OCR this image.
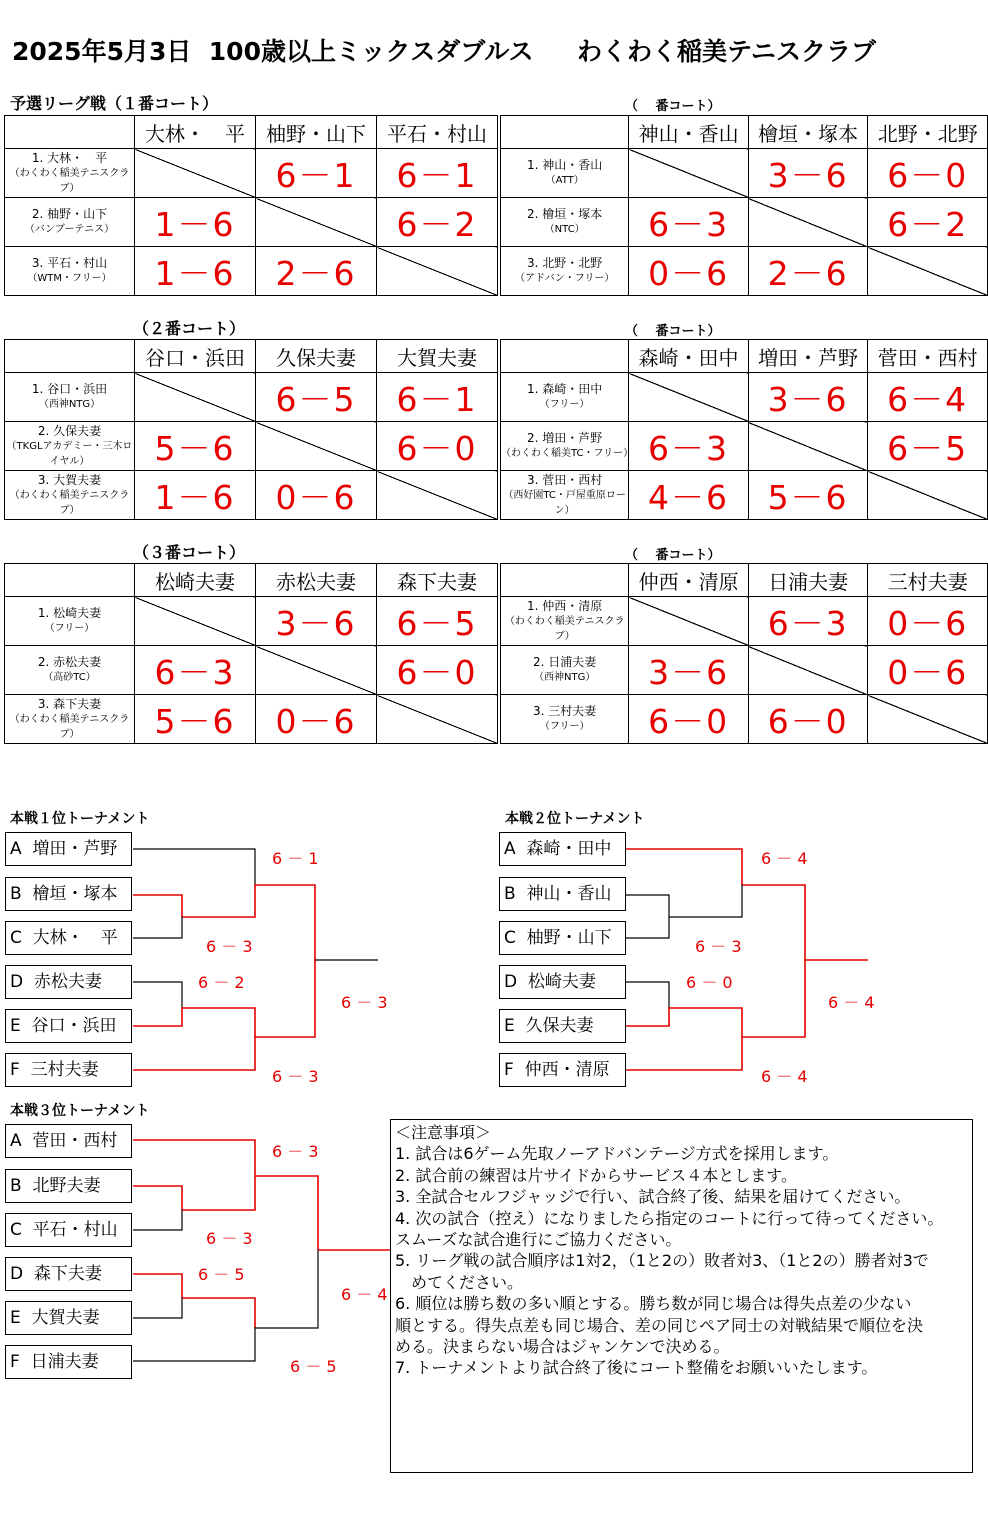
2025年5月3日  100歳以上ミックスダブルス     わくわく稲美テニスクラブ
予選リーグ戦（１番コート）	（　 番コート）
（２番コート）	（　 番コート）
（３番コート）	（　 番コート）
	大林・　平	柚野・山下	平石・村山
1. 大林・　平
（わくわく稲美テニスクラブ）		6－1	6－1
2. 柚野・山下
（バンブーテニス）	1－6		6－2
3. 平石・村山
（WTM・フリー）	1－6	2－6	
	神山・香山	檜垣・塚本	北野・北野
1. 神山・香山
（ATT）		3－6	6－0
2. 檜垣・塚本
（NTC）	6－3		6－2
3. 北野・北野
（アドバン・フリー）	0－6	2－6	
	谷口・浜田	久保夫妻	大賀夫妻
1. 谷口・浜田
（西神NTG）		6－5	6－1
2. 久保夫妻
（TKGLアカデミー・三木ロイヤル）	5－6		6－0
3. 大賀夫妻
（わくわく稲美テニスクラブ）	1－6	0－6	
	森崎・田中	増田・芦野	菅田・西村
1. 森崎・田中
（フリー）		3－6	6－4
2. 増田・芦野
（わくわく稲美TC・フリー）	6－3		6－5
3. 菅田・西村
（西好園TC・戸屋重原ローン）	4－6	5－6	
	松崎夫妻	赤松夫妻	森下夫妻
1. 松崎夫妻
（フリー）		3－6	6－5
2. 赤松夫妻
（高砂TC）	6－3		6－0
3. 森下夫妻
（わくわく稲美テニスクラブ）	5－6	0－6	
	仲西・清原	日浦夫妻	三村夫妻
1. 仲西・清原
（わくわく稲美テニスクラブ）		6－3	0－6
2. 日浦夫妻
（西神NTG）	3－6		0－6
3. 三村夫妻
（フリー）	6－0	6－0	
本戦１位トーナメント	本戦２位トーナメント
本戦３位トーナメント
A  増田・芦野
B  檜垣・塚本
C  大林・　平
D  赤松夫妻
E  谷口・浜田
F  三村夫妻
6 － 1
6 － 3
6 － 2
6 － 3
6 － 3
A  森崎・田中
B  神山・香山
C  柚野・山下
D  松崎夫妻
E  久保夫妻
F  仲西・清原
6 － 4
6 － 3
6 － 0
6 － 4
6 － 4
A  菅田・西村
B  北野夫妻
C  平石・村山
D  森下夫妻
E  大賀夫妻
F  日浦夫妻
6 － 3
6 － 3
6 － 5
6 － 4
6 － 5
＜注意事項＞
1. 試合は6ゲーム先取ノーアドバンテージ方式を採用します。
2. 試合前の練習は片サイドからサービス４本とします。
3. 全試合セルフジャッジで行い、試合終了後、結果を届けてください。
4. 次の試合（控え）になりましたら指定のコートに行って待ってください。
スムーズな試合進行にご協力ください。
5. リーグ戦の試合順序は1対2，（1と2の）敗者対3、（1と2の）勝者対3で
　めてください。
6. 順位は勝ち数の多い順とする。勝ち数が同じ場合は得失点差の少ない
順とする。得失点差も同じ場合、差の同じペア同士の対戦結果で順位を決
める。決まらない場合はジャンケンで決める。
7. トーナメントより試合終了後にコート整備をお願いいたします。
